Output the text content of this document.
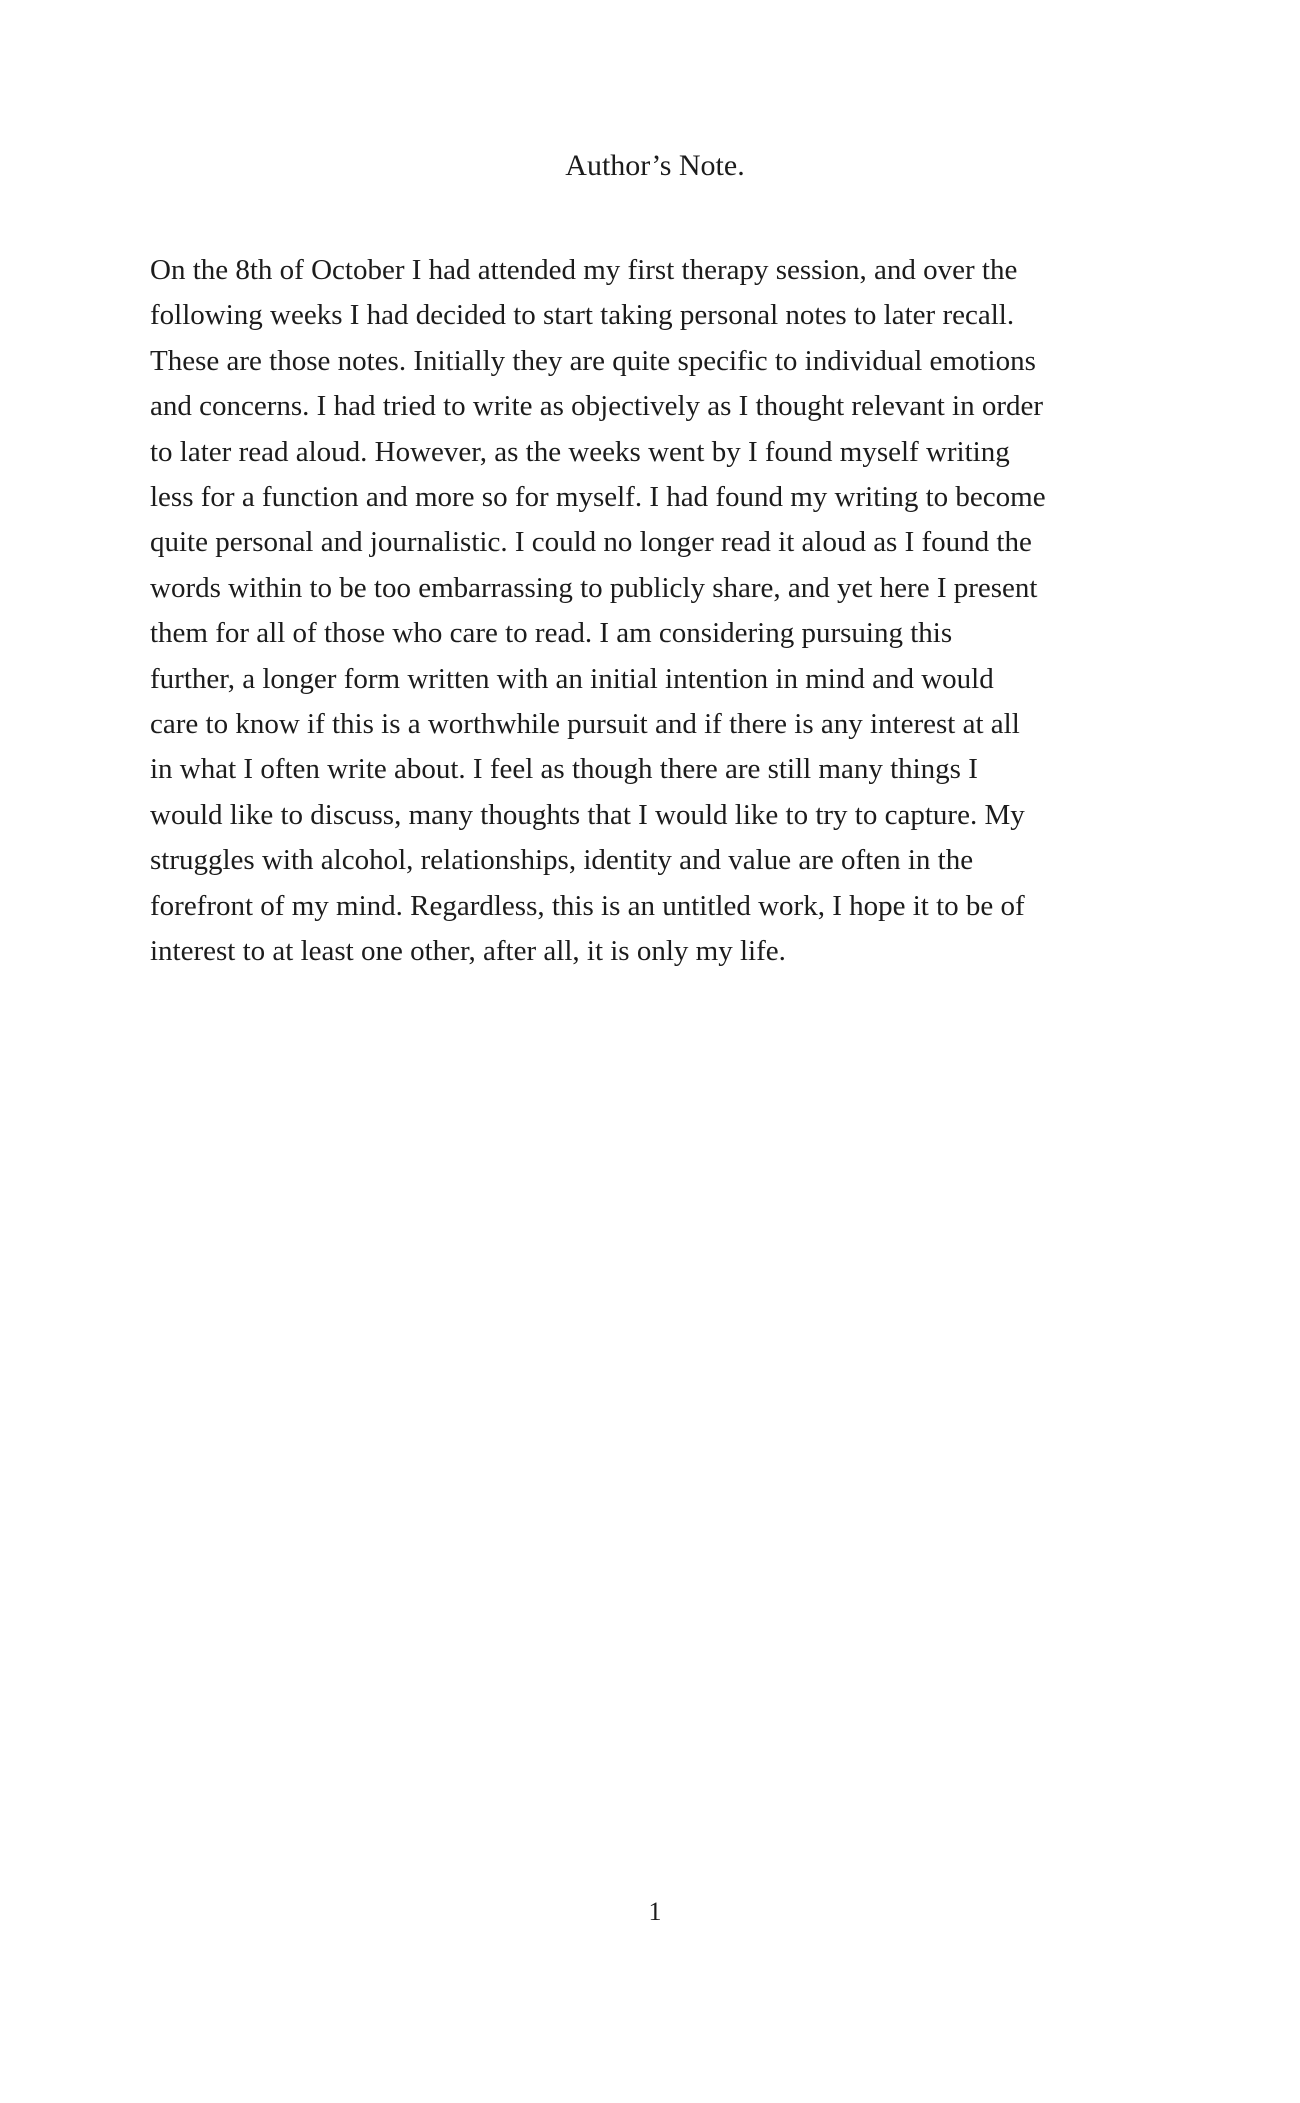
Author’s Note.

On the 8th of October I had attended my first therapy session, and over the
following weeks I had decided to start taking personal notes to later recall.
These are those notes. Initially they are quite specific to individual emotions
and concerns. I had tried to write as objectively as I thought relevant in order
to later read aloud. However, as the weeks went by I found myself writing
less for a function and more so for myself. I had found my writing to become
quite personal and journalistic. I could no longer read it aloud as I found the
words within to be too embarrassing to publicly share, and yet here I present
them for all of those who care to read. I am considering pursuing this
further, a longer form written with an initial intention in mind and would
care to know if this is a worthwhile pursuit and if there is any interest at all
in what I often write about. I feel as though there are still many things I
would like to discuss, many thoughts that I would like to try to capture. My
struggles with alcohol, relationships, identity and value are often in the
forefront of my mind. Regardless, this is an untitled work, I hope it to be of
interest to at least one other, after all, it is only my life.

1
